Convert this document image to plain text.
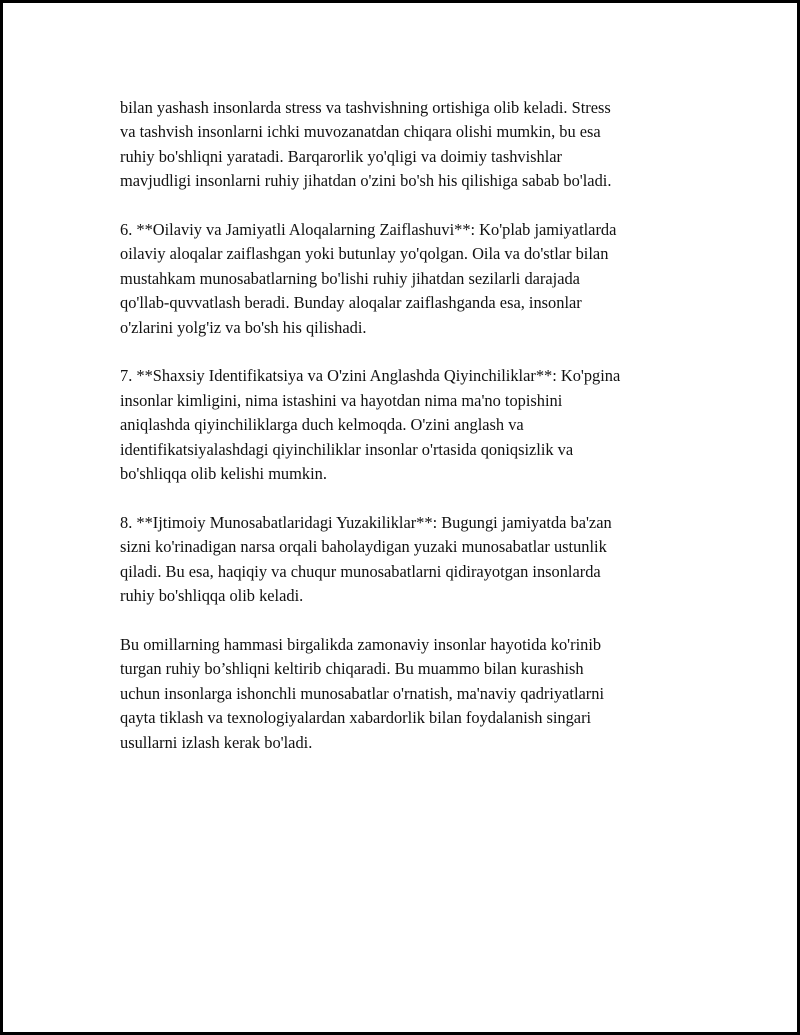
bilan yashash insonlarda stress va tashvishning ortishiga olib keladi. Stress
va tashvish insonlarni ichki muvozanatdan chiqara olishi mumkin, bu esa
ruhiy bo'shliqni yaratadi. Barqarorlik yo'qligi va doimiy tashvishlar
mavjudligi insonlarni ruhiy jihatdan o'zini bo'sh his qilishiga sabab bo'ladi.

6. **Oilaviy va Jamiyatli Aloqalarning Zaiflashuvi**: Ko'plab jamiyatlarda
oilaviy aloqalar zaiflashgan yoki butunlay yo'qolgan. Oila va do'stlar bilan
mustahkam munosabatlarning bo'lishi ruhiy jihatdan sezilarli darajada
qo'llab-quvvatlash beradi. Bunday aloqalar zaiflashganda esa, insonlar
o'zlarini yolg'iz va bo'sh his qilishadi.

7. **Shaxsiy Identifikatsiya va O'zini Anglashda Qiyinchiliklar**: Ko'pgina
insonlar kimligini, nima istashini va hayotdan nima ma'no topishini
aniqlashda qiyinchiliklarga duch kelmoqda. O'zini anglash va
identifikatsiyalashdagi qiyinchiliklar insonlar o'rtasida qoniqsizlik va
bo'shliqqa olib kelishi mumkin.

8. **Ijtimoiy Munosabatlaridagi Yuzakiliklar**: Bugungi jamiyatda ba'zan
sizni ko'rinadigan narsa orqali baholaydigan yuzaki munosabatlar ustunlik
qiladi. Bu esa, haqiqiy va chuqur munosabatlarni qidirayotgan insonlarda
ruhiy bo'shliqqa olib keladi.

Bu omillarning hammasi birgalikda zamonaviy insonlar hayotida ko'rinib
turgan ruhiy bo’shliqni keltirib chiqaradi. Bu muammo bilan kurashish
uchun insonlarga ishonchli munosabatlar o'rnatish, ma'naviy qadriyatlarni
qayta tiklash va texnologiyalardan xabardorlik bilan foydalanish singari
usullarni izlash kerak bo'ladi.
